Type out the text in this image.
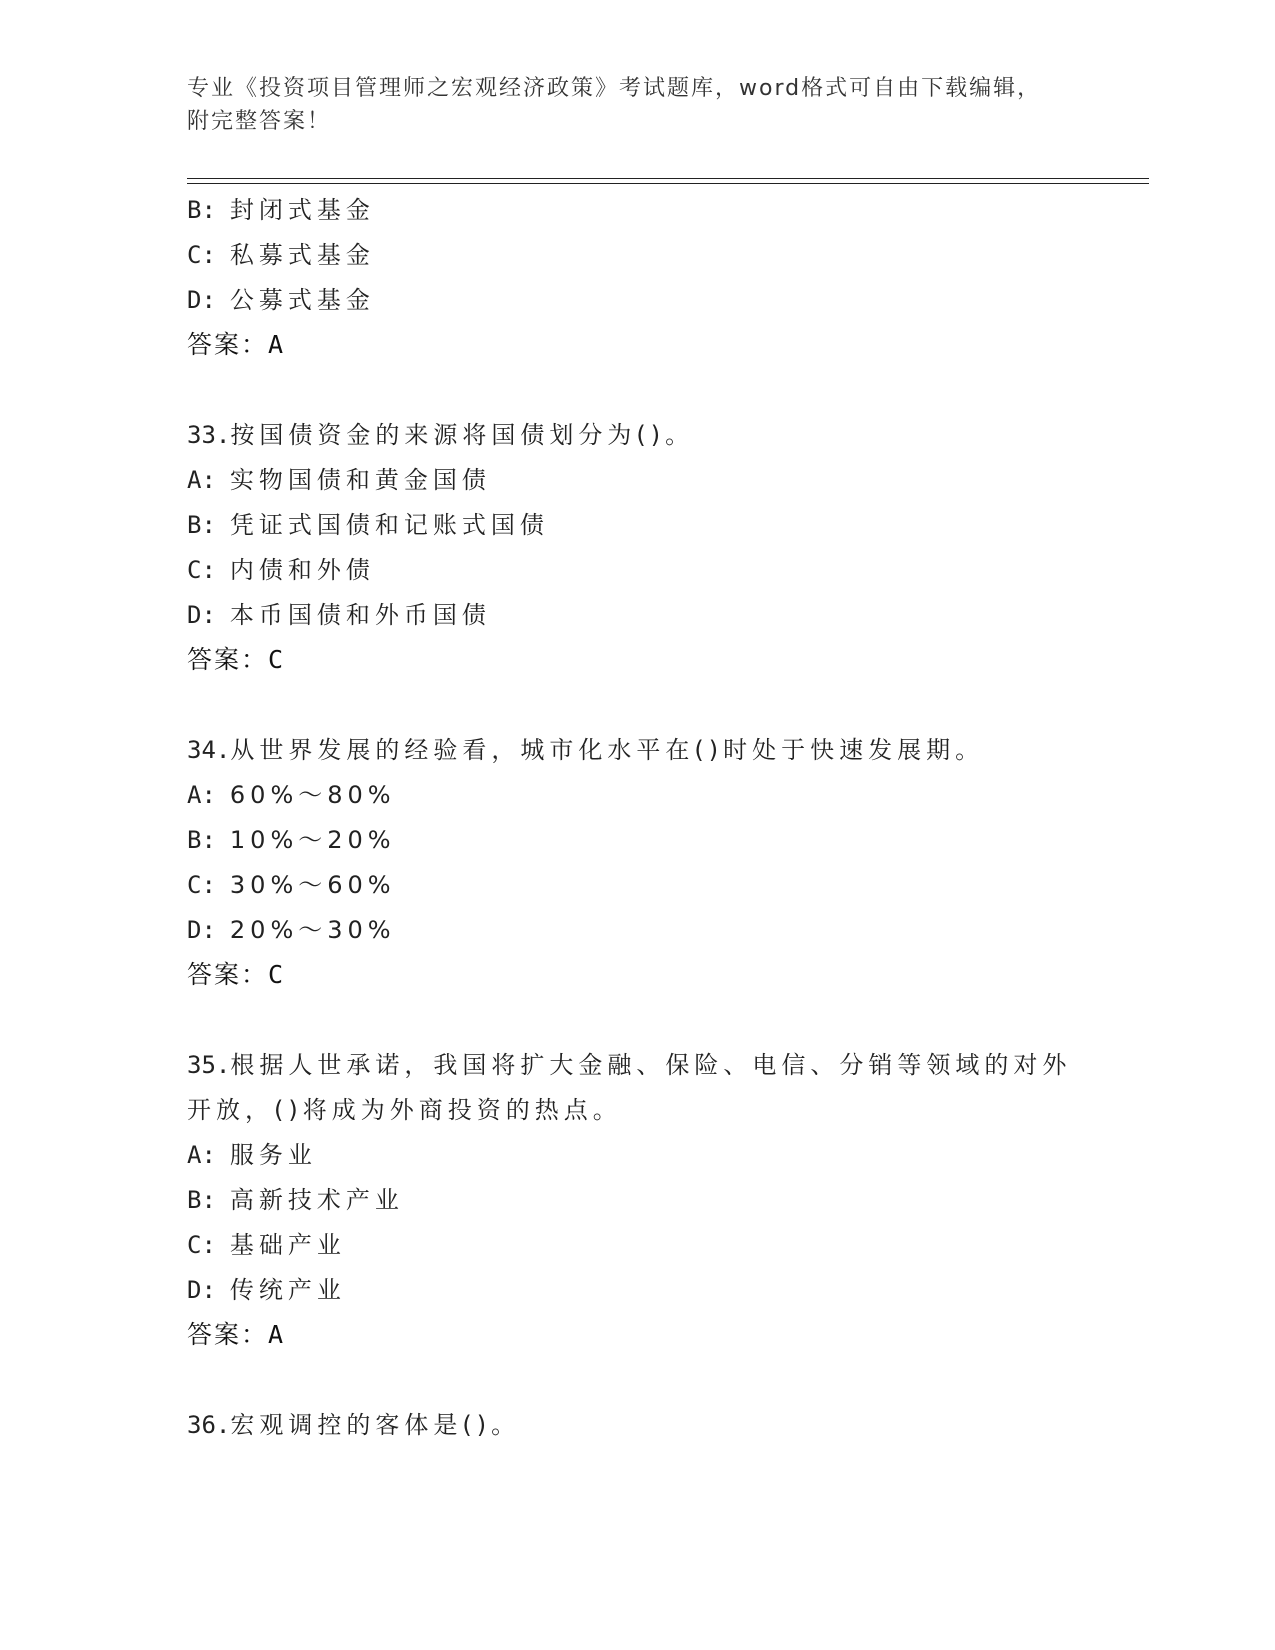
专业《投资项目管理师之宏观经济政策》考试题库，word格式可自由下载编辑，
附完整答案！
B: 封闭式基金
C: 私募式基金
D: 公募式基金
答案：A
33.按国债资金的来源将国债划分为()。
A: 实物国债和黄金国债
B: 凭证式国债和记账式国债
C: 内债和外债
D: 本币国债和外币国债
答案：C
34.从世界发展的经验看，城市化水平在()时处于快速发展期。
A: 60%～80%
B: 10%～20%
C: 30%～60%
D: 20%～30%
答案：C
35.根据人世承诺，我国将扩大金融、保险、电信、分销等领域的对外
开放，()将成为外商投资的热点。
A: 服务业
B: 高新技术产业
C: 基础产业
D: 传统产业
答案：A
36.宏观调控的客体是()。
